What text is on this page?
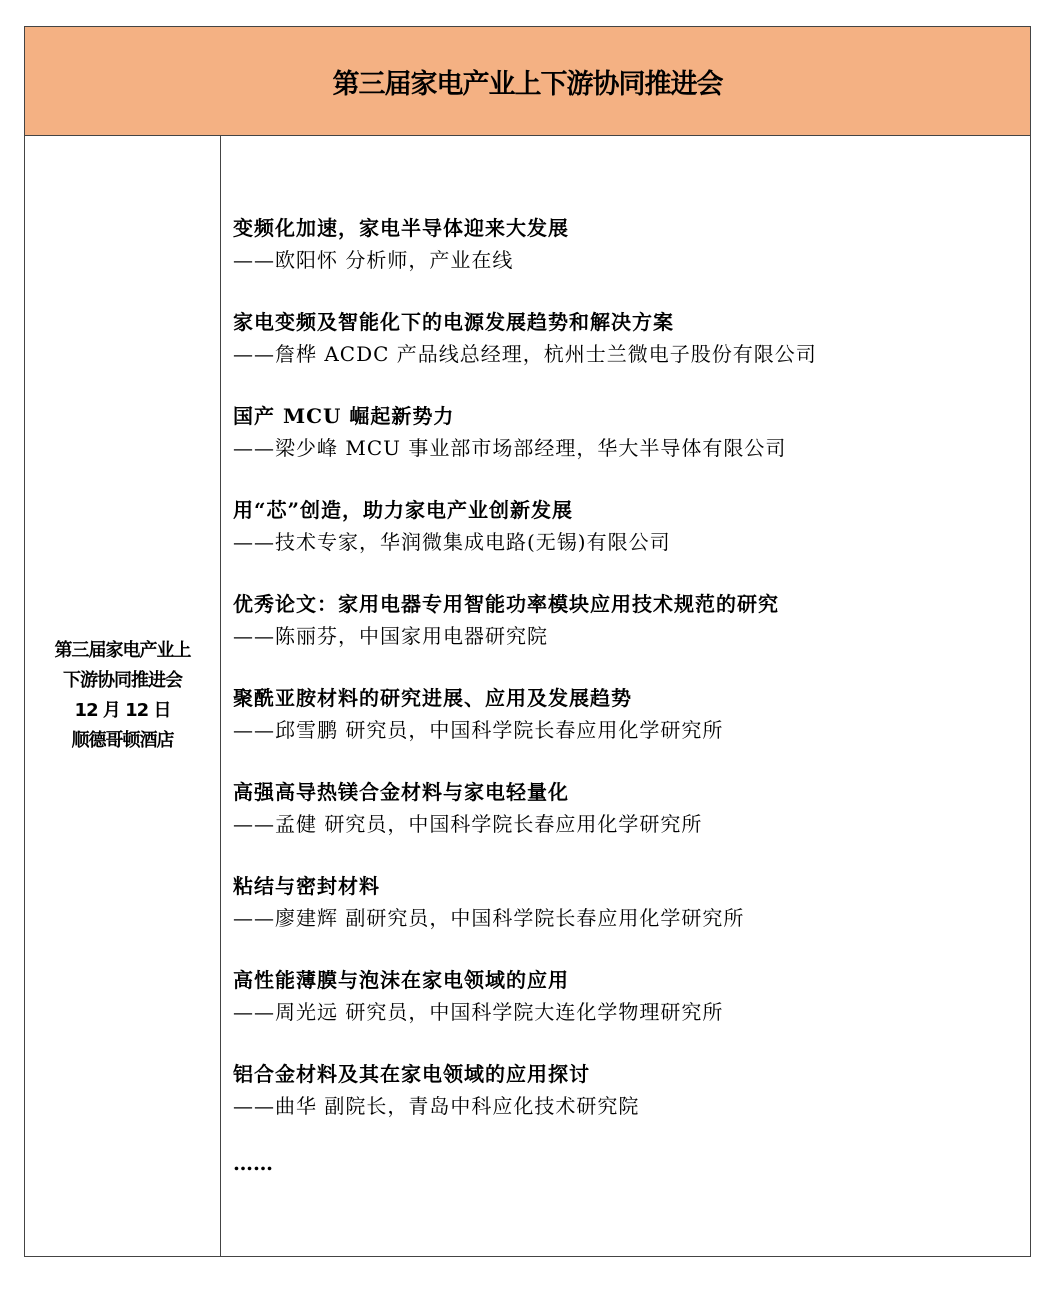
第三届家电产业上下游协同推进会
第三届家电产业上
下游协同推进会
12 月 12 日
顺德哥顿酒店
变频化加速，家电半导体迎来大发展
——欧阳怀 分析师，产业在线
家电变频及智能化下的电源发展趋势和解决方案
——詹桦 ACDC 产品线总经理，杭州士兰微电子股份有限公司
国产 MCU 崛起新势力
——梁少峰 MCU 事业部市场部经理，华大半导体有限公司
用“芯”创造，助力家电产业创新发展
——技术专家，华润微集成电路(无锡)有限公司
优秀论文：家用电器专用智能功率模块应用技术规范的研究
——陈丽芬，中国家用电器研究院
聚酰亚胺材料的研究进展、应用及发展趋势
——邱雪鹏 研究员，中国科学院长春应用化学研究所
高强高导热镁合金材料与家电轻量化
——孟健 研究员，中国科学院长春应用化学研究所
粘结与密封材料
——廖建辉 副研究员，中国科学院长春应用化学研究所
高性能薄膜与泡沫在家电领域的应用
——周光远 研究员，中国科学院大连化学物理研究所
铝合金材料及其在家电领域的应用探讨
——曲华 副院长，青岛中科应化技术研究院
……
